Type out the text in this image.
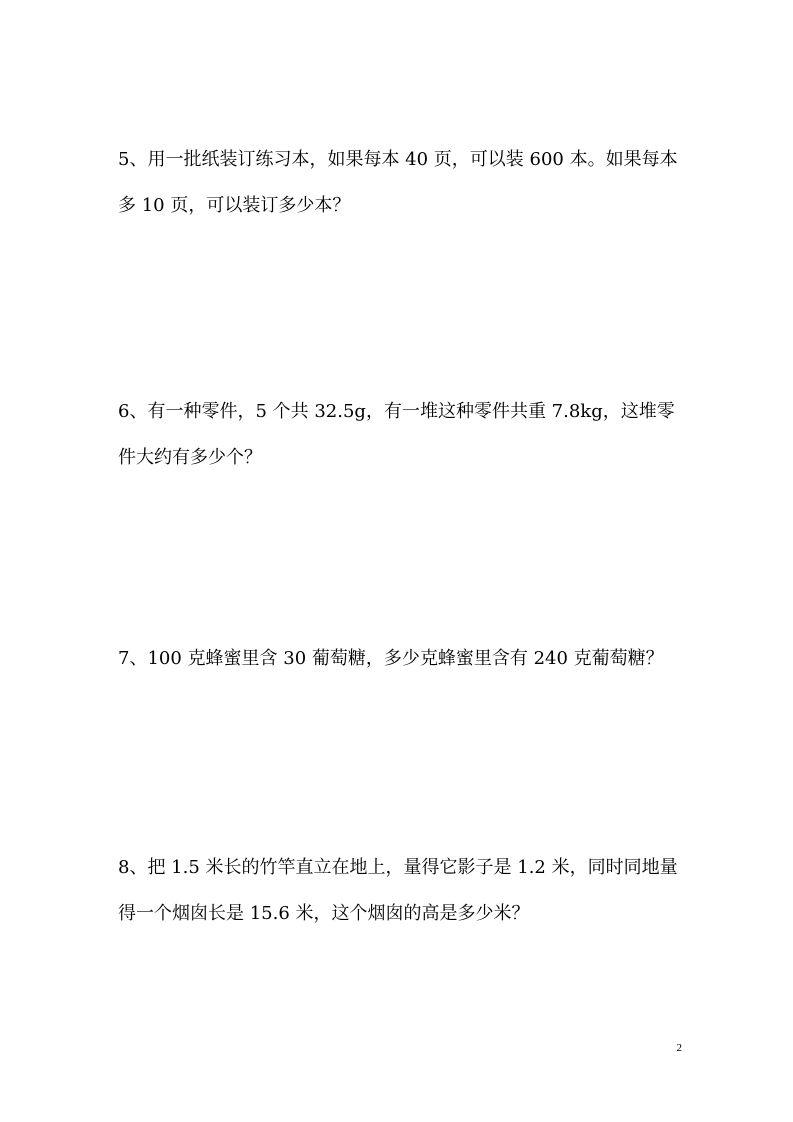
5、用一批纸装订练习本，如果每本 40 页，可以装 600 本。如果每本
多 10 页，可以装订多少本？
6、有一种零件，5 个共 32.5g，有一堆这种零件共重 7.8kg，这堆零
件大约有多少个？
7、100 克蜂蜜里含 30 葡萄糖，多少克蜂蜜里含有 240 克葡萄糖？
8、把 1.5 米长的竹竿直立在地上，量得它影子是 1.2 米，同时同地量
得一个烟囱长是 15.6 米，这个烟囱的高是多少米？
2
